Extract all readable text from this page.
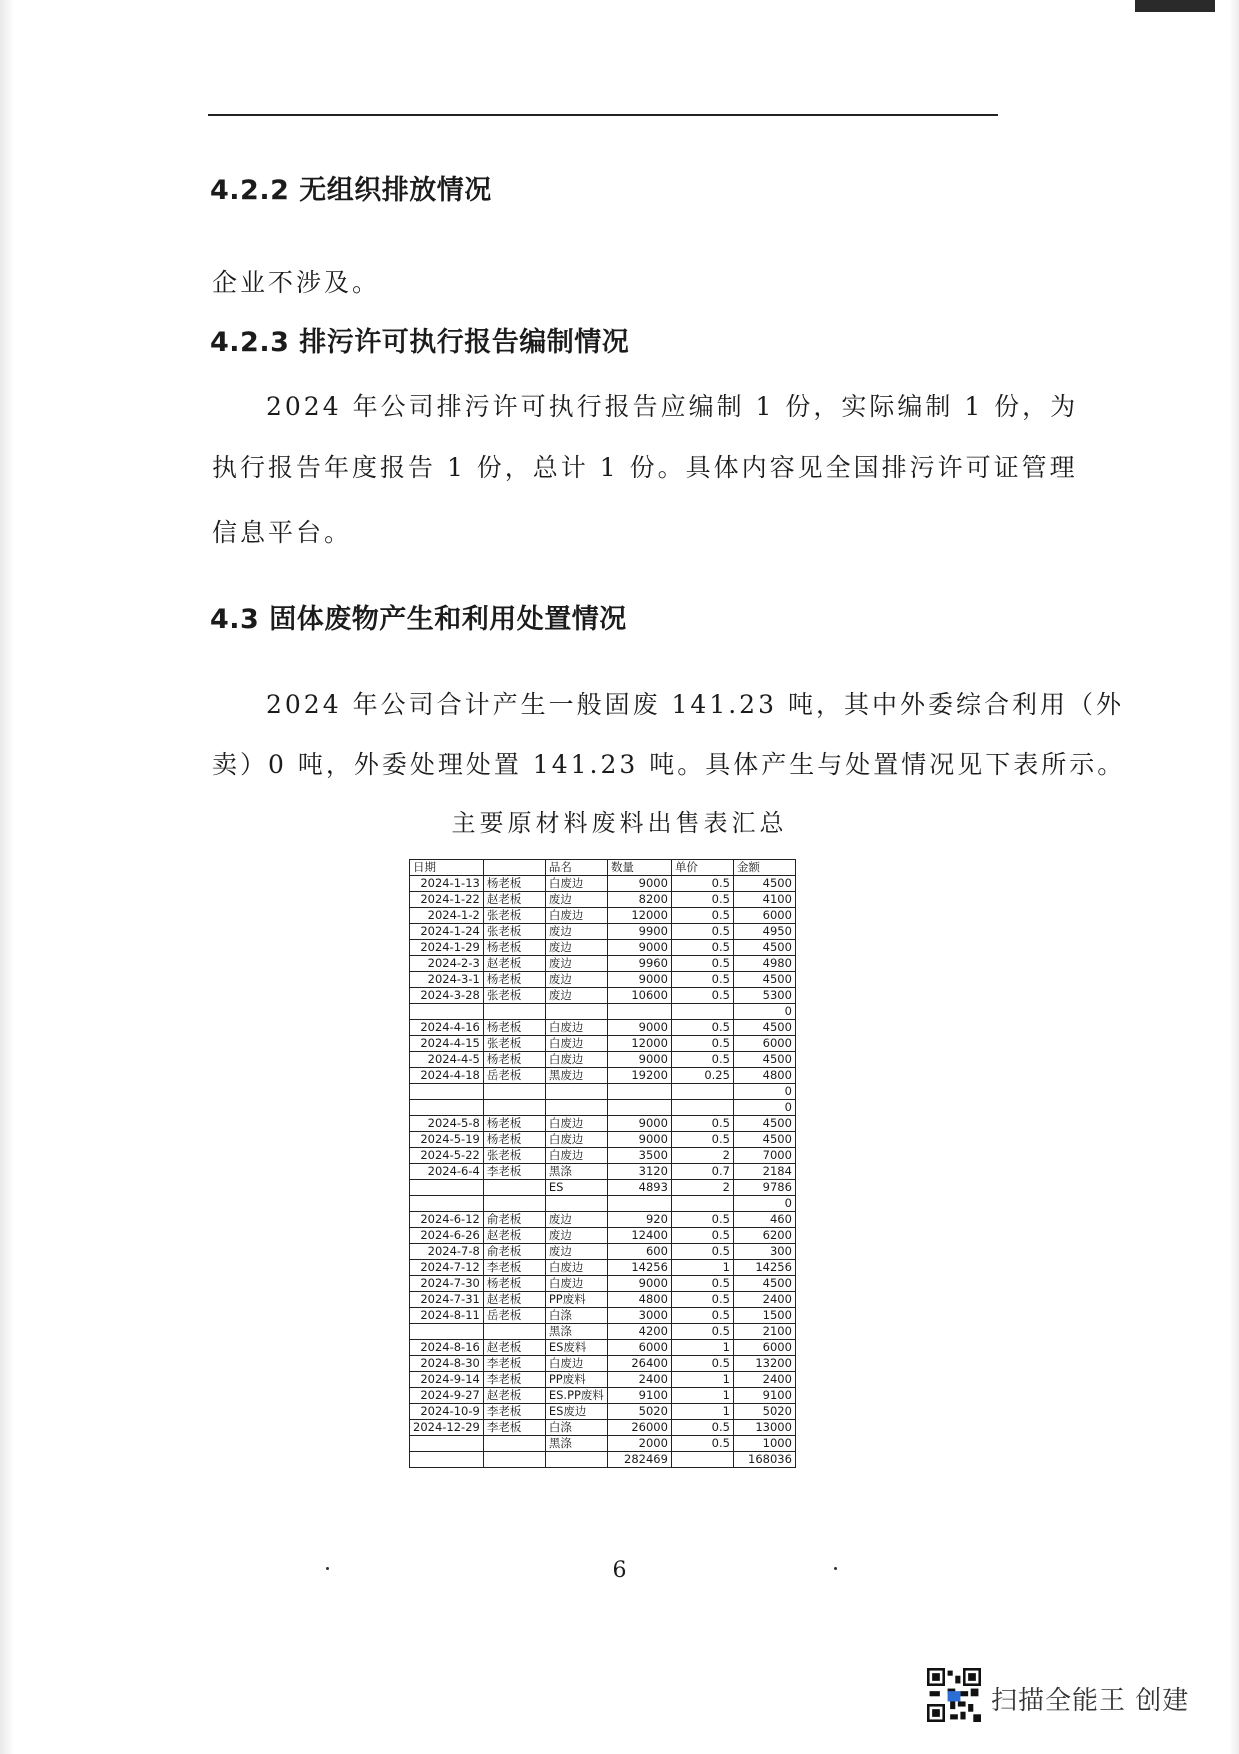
4.2.2 无组织排放情况
企业不涉及。
4.2.3 排污许可执行报告编制情况
2024 年公司排污许可执行报告应编制 1 份，实际编制 1 份，为
执行报告年度报告 1 份，总计 1 份。具体内容见全国排污许可证管理
信息平台。
4.3 固体废物产生和利用处置情况
2024 年公司合计产生一般固废 141.23 吨，其中外委综合利用（外
卖）0 吨，外委处理处置 141.23 吨。具体产生与处置情况见下表所示。
主要原材料废料出售表汇总
日期		品名	数量	单价	金额
2024-1-13	杨老板	白废边	9000	0.5	4500
2024-1-22	赵老板	废边	8200	0.5	4100
2024-1-2	张老板	白废边	12000	0.5	6000
2024-1-24	张老板	废边	9900	0.5	4950
2024-1-29	杨老板	废边	9000	0.5	4500
2024-2-3	赵老板	废边	9960	0.5	4980
2024-3-1	杨老板	废边	9000	0.5	4500
2024-3-28	张老板	废边	10600	0.5	5300
					0
2024-4-16	杨老板	白废边	9000	0.5	4500
2024-4-15	张老板	白废边	12000	0.5	6000
2024-4-5	杨老板	白废边	9000	0.5	4500
2024-4-18	岳老板	黑废边	19200	0.25	4800
					0
					0
2024-5-8	杨老板	白废边	9000	0.5	4500
2024-5-19	杨老板	白废边	9000	0.5	4500
2024-5-22	张老板	白废边	3500	2	7000
2024-6-4	李老板	黑涤	3120	0.7	2184
		ES	4893	2	9786
					0
2024-6-12	俞老板	废边	920	0.5	460
2024-6-26	赵老板	废边	12400	0.5	6200
2024-7-8	俞老板	废边	600	0.5	300
2024-7-12	李老板	白废边	14256	1	14256
2024-7-30	杨老板	白废边	9000	0.5	4500
2024-7-31	赵老板	PP废料	4800	0.5	2400
2024-8-11	岳老板	白涤	3000	0.5	1500
		黑涤	4200	0.5	2100
2024-8-16	赵老板	ES废料	6000	1	6000
2024-8-30	李老板	白废边	26400	0.5	13200
2024-9-14	李老板	PP废料	2400	1	2400
2024-9-27	赵老板	ES.PP废料	9100	1	9100
2024-10-9	李老板	ES废边	5020	1	5020
2024-12-29	李老板	白涤	26000	0.5	13000
		黑涤	2000	0.5	1000
			282469		168036
6
扫描全能王 创建
